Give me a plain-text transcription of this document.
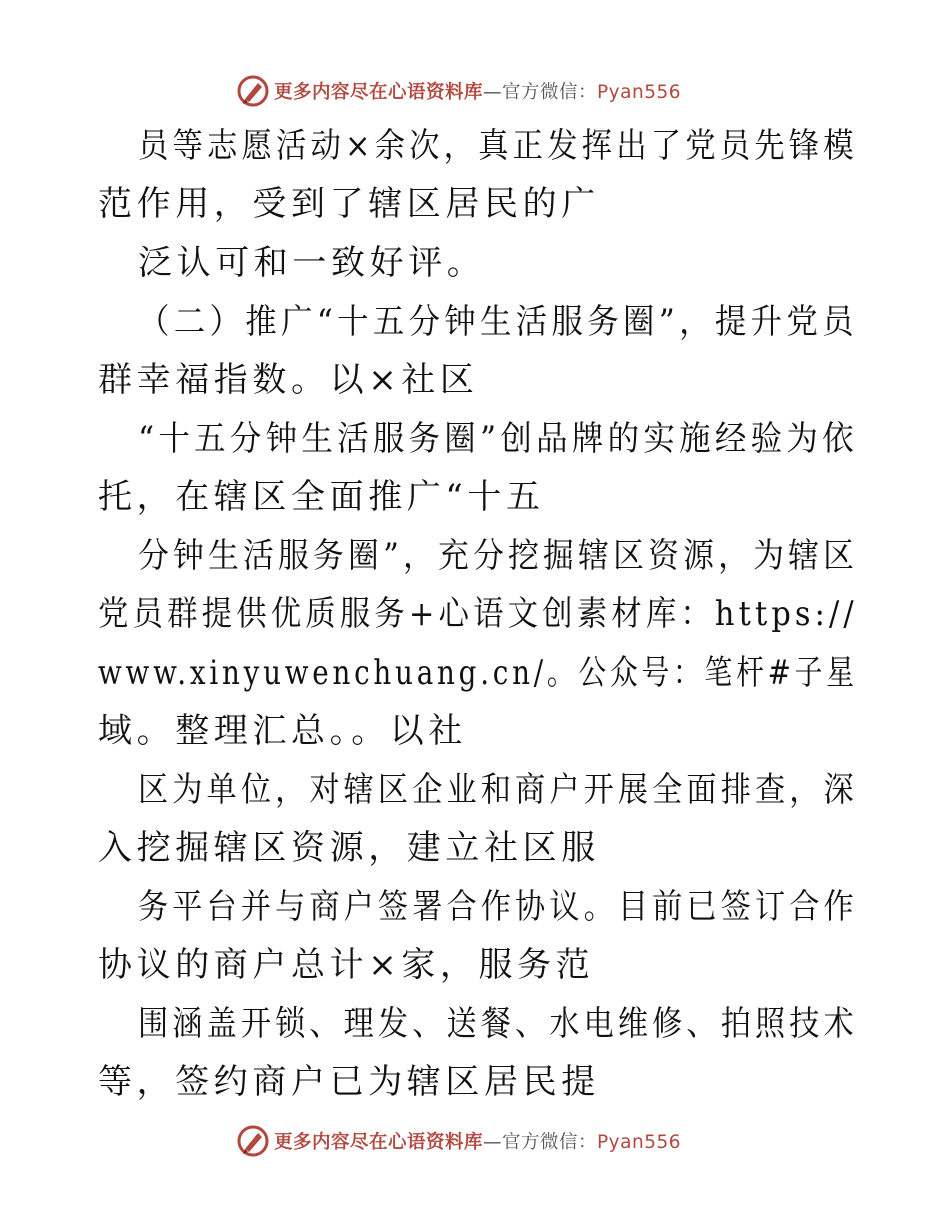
更多内容尽在心语资料库—官方微信：Pyan556
员等志愿活动×余次，真正发挥出了党员先锋模
范作用，受到了辖区居民的广
泛认可和一致好评。
（二）推广“十五分钟生活服务圈”，提升党员
群幸福指数。以×社区
“十五分钟生活服务圈”创品牌的实施经验为依
托，在辖区全面推广“十五
分钟生活服务圈”，充分挖掘辖区资源，为辖区
党员群提供优质服务+心语文创素材库：https://
www.xinyuwenchuang.cn/。公众号：笔杆#子星
域。整理汇总。。以社
区为单位，对辖区企业和商户开展全面排查，深
入挖掘辖区资源，建立社区服
务平台并与商户签署合作协议。目前已签订合作
协议的商户总计×家，服务范
围涵盖开锁、理发、送餐、水电维修、拍照技术
等，签约商户已为辖区居民提
更多内容尽在心语资料库—官方微信：Pyan556
